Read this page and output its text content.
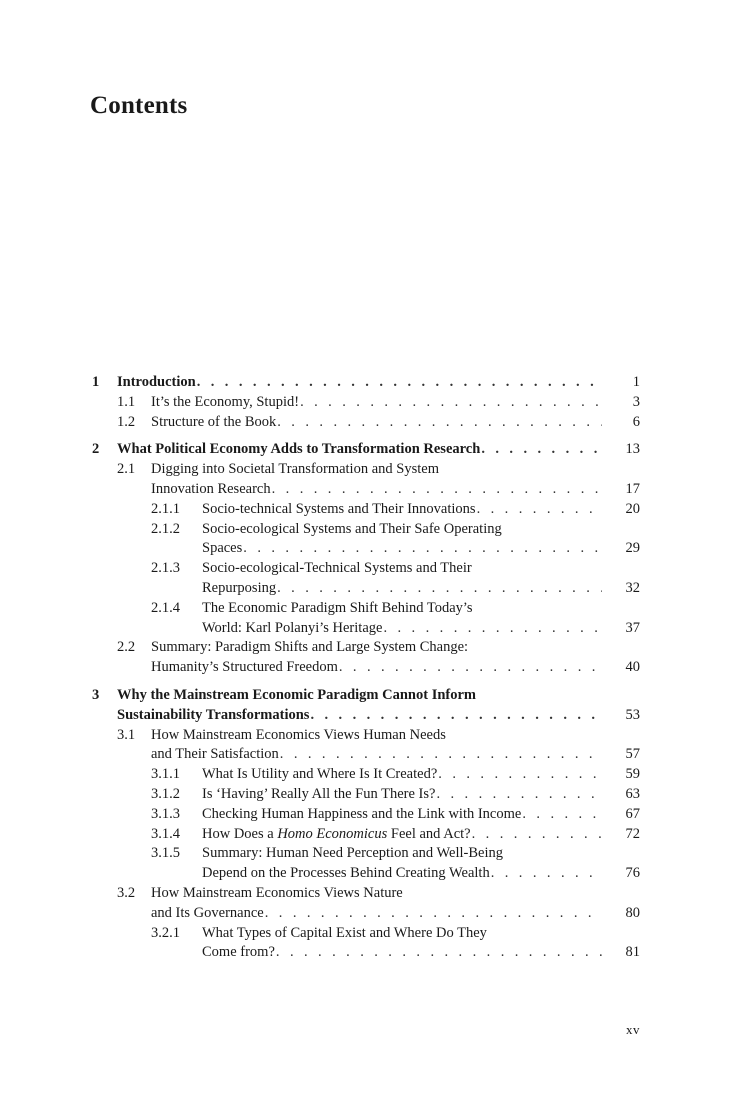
Contents
1 Introduction . . .	1
1.1 It’s the Economy, Stupid! . . .	3
1.2 Structure of the Book . . .	6
2 What Political Economy Adds to Transformation Research . . .	13
2.1 Digging into Societal Transformation and System
Innovation Research . . .	17
2.1.1 Socio-technical Systems and Their Innovations . . .	20
2.1.2 Socio-ecological Systems and Their Safe Operating
Spaces . . .	29
2.1.3 Socio-ecological-Technical Systems and Their
Repurposing . . .	32
2.1.4 The Economic Paradigm Shift Behind Today’s
World: Karl Polanyi’s Heritage . . .	37
2.2 Summary: Paradigm Shifts and Large System Change:
Humanity’s Structured Freedom . . .	40
3 Why the Mainstream Economic Paradigm Cannot Inform
Sustainability Transformations . . .	53
3.1 How Mainstream Economics Views Human Needs
and Their Satisfaction . . .	57
3.1.1 What Is Utility and Where Is It Created? . . .	59
3.1.2 Is ‘Having’ Really All the Fun There Is? . . .	63
3.1.3 Checking Human Happiness and the Link with Income . . .	67
3.1.4 How Does a Homo Economicus Feel and Act? . . .	72
3.1.5 Summary: Human Need Perception and Well-Being
Depend on the Processes Behind Creating Wealth . . .	76
3.2 How Mainstream Economics Views Nature
and Its Governance . . .	80
3.2.1 What Types of Capital Exist and Where Do They
Come from? . . .	81
xv
